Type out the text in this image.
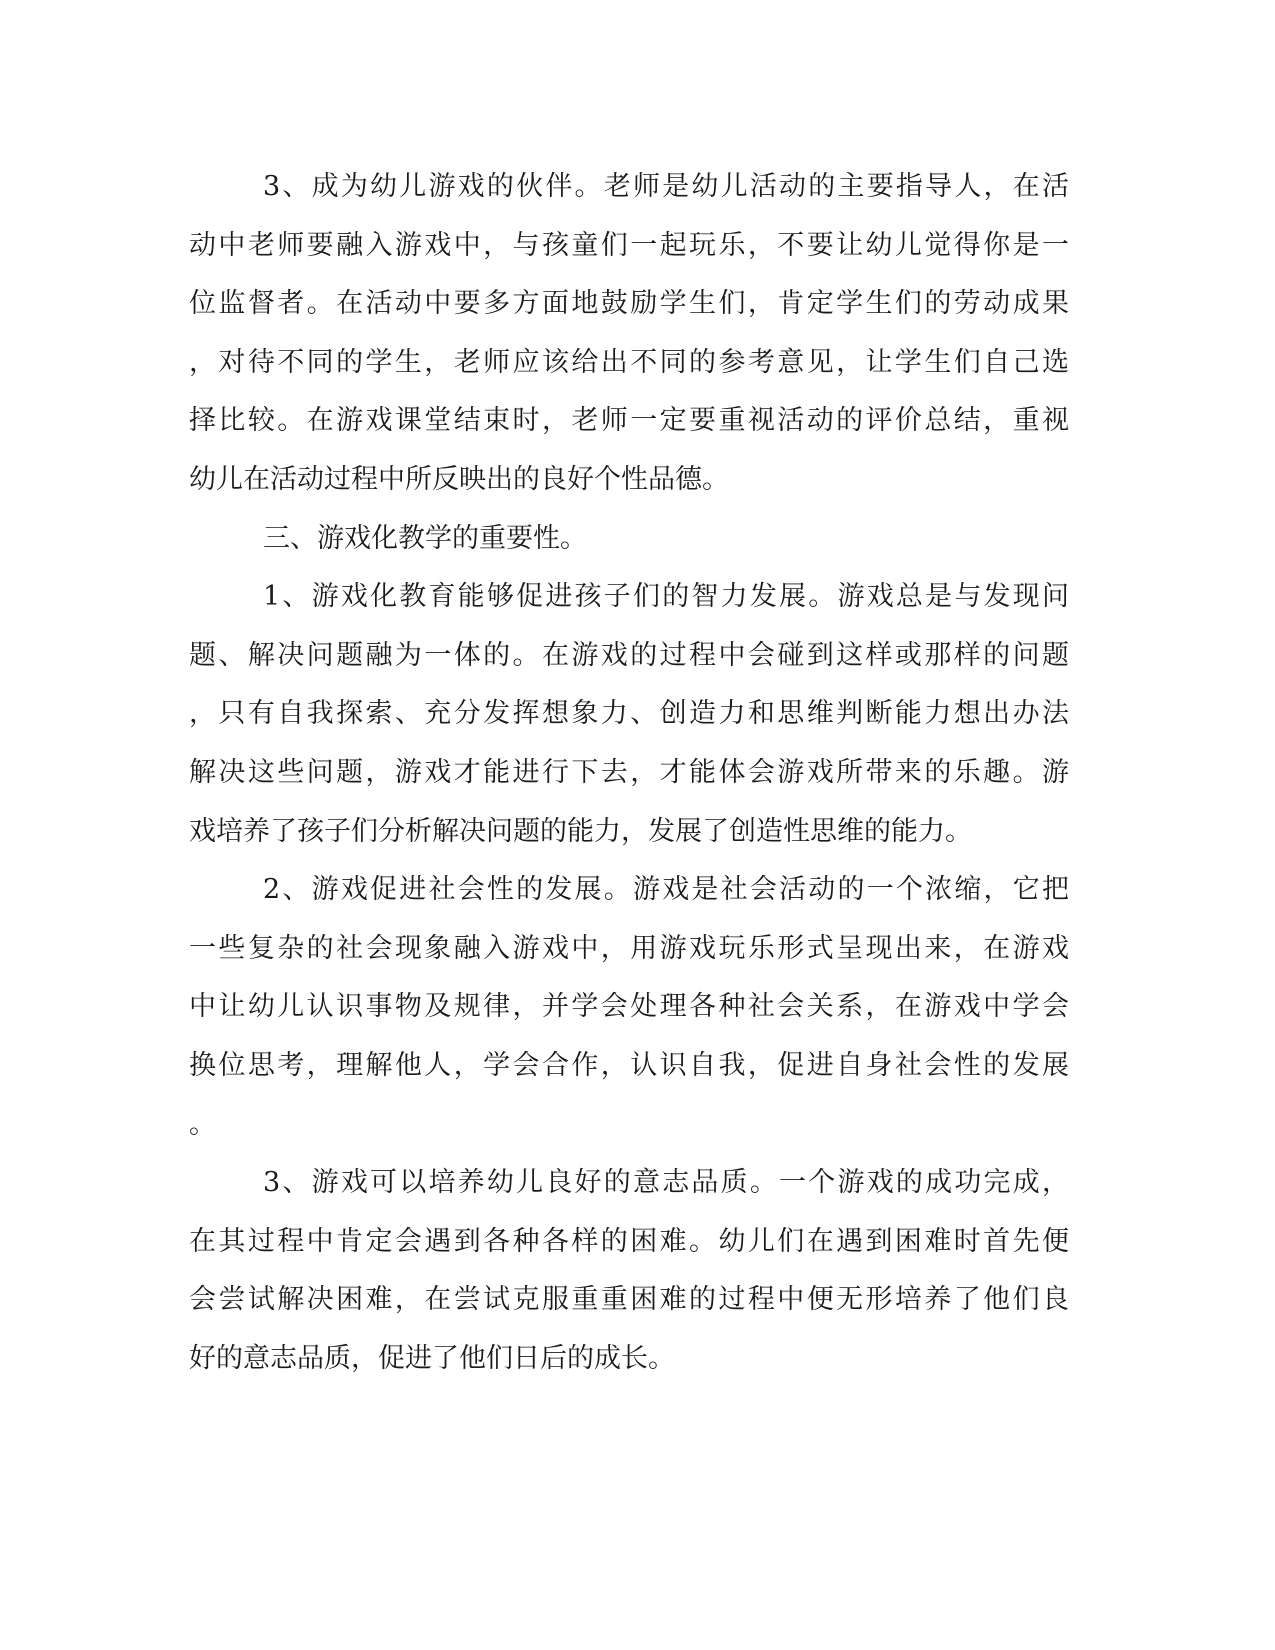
3、成为幼儿游戏的伙伴。老师是幼儿活动的主要指导人，在活
动中老师要融入游戏中，与孩童们一起玩乐，不要让幼儿觉得你是一
位监督者。在活动中要多方面地鼓励学生们，肯定学生们的劳动成果
，对待不同的学生，老师应该给出不同的参考意见，让学生们自己选
择比较。在游戏课堂结束时，老师一定要重视活动的评价总结，重视
幼儿在活动过程中所反映出的良好个性品德。
三、游戏化教学的重要性。
1、游戏化教育能够促进孩子们的智力发展。游戏总是与发现问
题、解决问题融为一体的。在游戏的过程中会碰到这样或那样的问题
，只有自我探索、充分发挥想象力、创造力和思维判断能力想出办法
解决这些问题，游戏才能进行下去，才能体会游戏所带来的乐趣。游
戏培养了孩子们分析解决问题的能力，发展了创造性思维的能力。
2、游戏促进社会性的发展。游戏是社会活动的一个浓缩，它把
一些复杂的社会现象融入游戏中，用游戏玩乐形式呈现出来，在游戏
中让幼儿认识事物及规律，并学会处理各种社会关系，在游戏中学会
换位思考，理解他人，学会合作，认识自我，促进自身社会性的发展
。
3、游戏可以培养幼儿良好的意志品质。一个游戏的成功完成，
在其过程中肯定会遇到各种各样的困难。幼儿们在遇到困难时首先便
会尝试解决困难，在尝试克服重重困难的过程中便无形培养了他们良
好的意志品质，促进了他们日后的成长。
